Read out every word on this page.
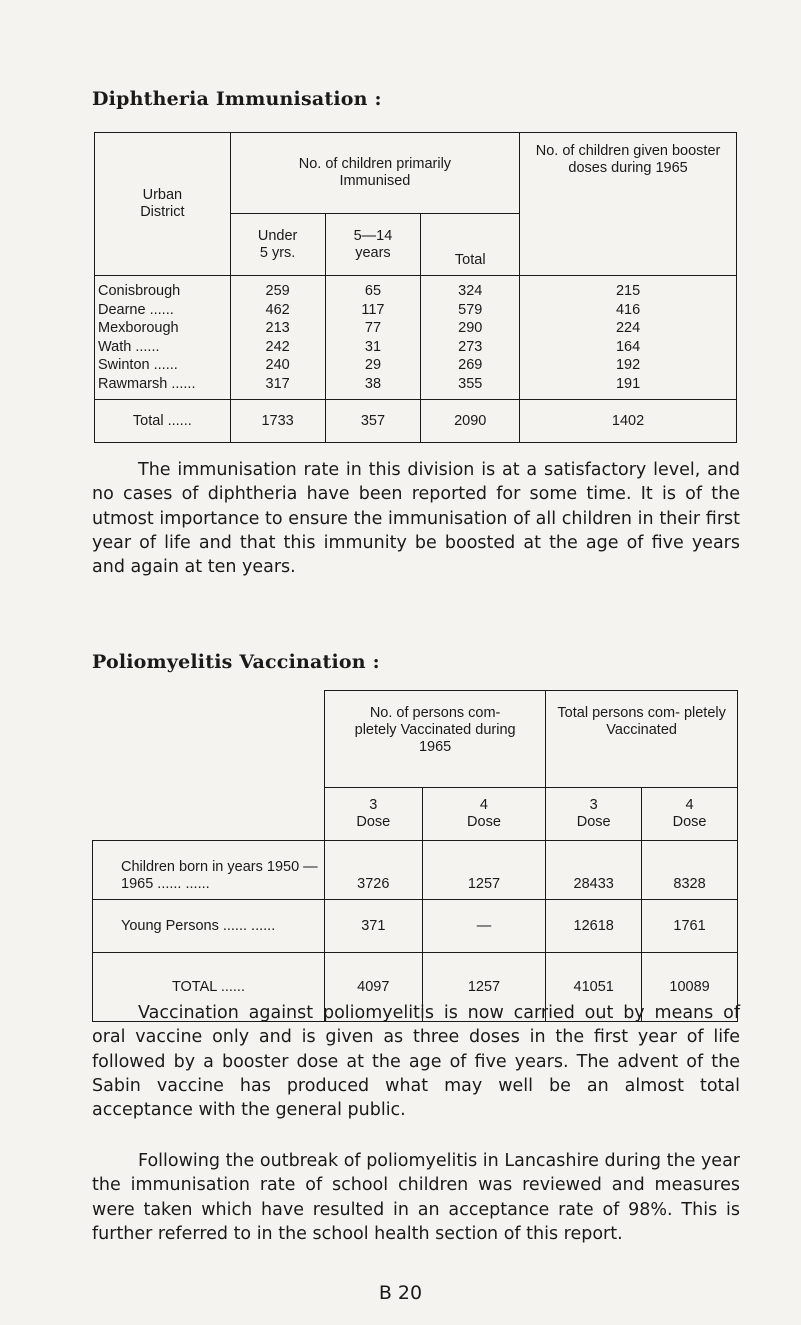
Diphtheria Immunisation :
Urban District	No. of children primarily Immunised			No. of children given booster doses during 1965
	Under 5 yrs.	5—14 years	Total	
Conisbrough	259	65	324	215
Dearne ......	462	117	579	416
Mexborough	213	77	290	224
Wath ......	242	31	273	164
Swinton ......	240	29	269	192
Rawmarsh ......	317	38	355	191
Total ......	1733	357	2090	1402
The immunisation rate in this division is at a satisfactory level, and no cases of diphtheria have been reported for some time. It is of the utmost importance to ensure the immunisation of all children in their first year of life and that this immunity be boosted at the age of five years and again at ten years.
Poliomyelitis Vaccination :
	No. of persons com- pletely Vaccinated during 1965		Total persons com- pletely Vaccinated	
	3 Dose	4 Dose	3 Dose	4 Dose
Children born in years 1950 — 1965 ...... ......	3726	1257	28433	8328
Young Persons ...... ......	371	—	12618	1761
TOTAL ......	4097	1257	41051	10089
Vaccination against poliomyelitis is now carried out by means of oral vaccine only and is given as three doses in the first year of life followed by a booster dose at the age of five years. The advent of the Sabin vaccine has produced what may well be an almost total acceptance with the general public.
Following the outbreak of poliomyelitis in Lancashire during the year the immunisation rate of school children was reviewed and measures were taken which have resulted in an acceptance rate of 98%. This is further referred to in the school health section of this report.
B 20
